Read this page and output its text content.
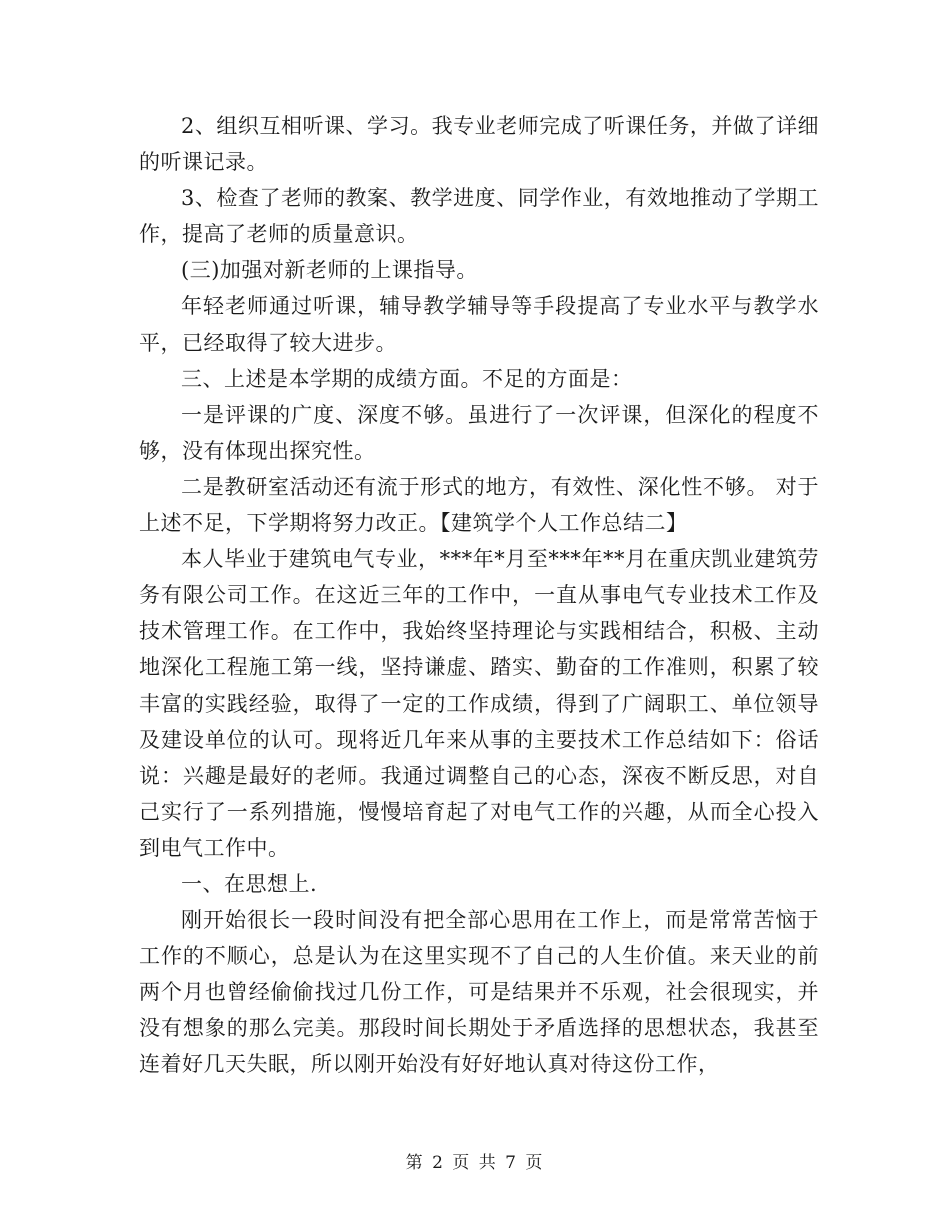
2、组织互相听课、学习。我专业老师完成了听课任务，并做了详细的听课记录。

3、检查了老师的教案、教学进度、同学作业，有效地推动了学期工作，提高了老师的质量意识。

(三)加强对新老师的上课指导。

年轻老师通过听课，辅导教学辅导等手段提高了专业水平与教学水平，已经取得了较大进步。

三、上述是本学期的成绩方面。不足的方面是：

一是评课的广度、深度不够。虽进行了一次评课，但深化的程度不够，没有体现出探究性。

二是教研室活动还有流于形式的地方，有效性、深化性不够。 对于上述不足，下学期将努力改正。【建筑学个人工作总结二】

本人毕业于建筑电气专业，***年*月至***年**月在重庆凯业建筑劳务有限公司工作。在这近三年的工作中，一直从事电气专业技术工作及技术管理工作。在工作中，我始终坚持理论与实践相结合，积极、主动地深化工程施工第一线，坚持谦虚、踏实、勤奋的工作准则，积累了较丰富的实践经验，取得了一定的工作成绩，得到了广阔职工、单位领导及建设单位的认可。现将近几年来从事的主要技术工作总结如下：俗话说：兴趣是最好的老师。我通过调整自己的心态，深夜不断反思，对自己实行了一系列措施，慢慢培育起了对电气工作的兴趣，从而全心投入到电气工作中。

一、在思想上.

刚开始很长一段时间没有把全部心思用在工作上，而是常常苦恼于工作的不顺心，总是认为在这里实现不了自己的人生价值。来天业的前两个月也曾经偷偷找过几份工作，可是结果并不乐观，社会很现实，并没有想象的那么完美。那段时间长期处于矛盾选择的思想状态，我甚至连着好几天失眠，所以刚开始没有好好地认真对待这份工作，

第 2 页 共 7 页
